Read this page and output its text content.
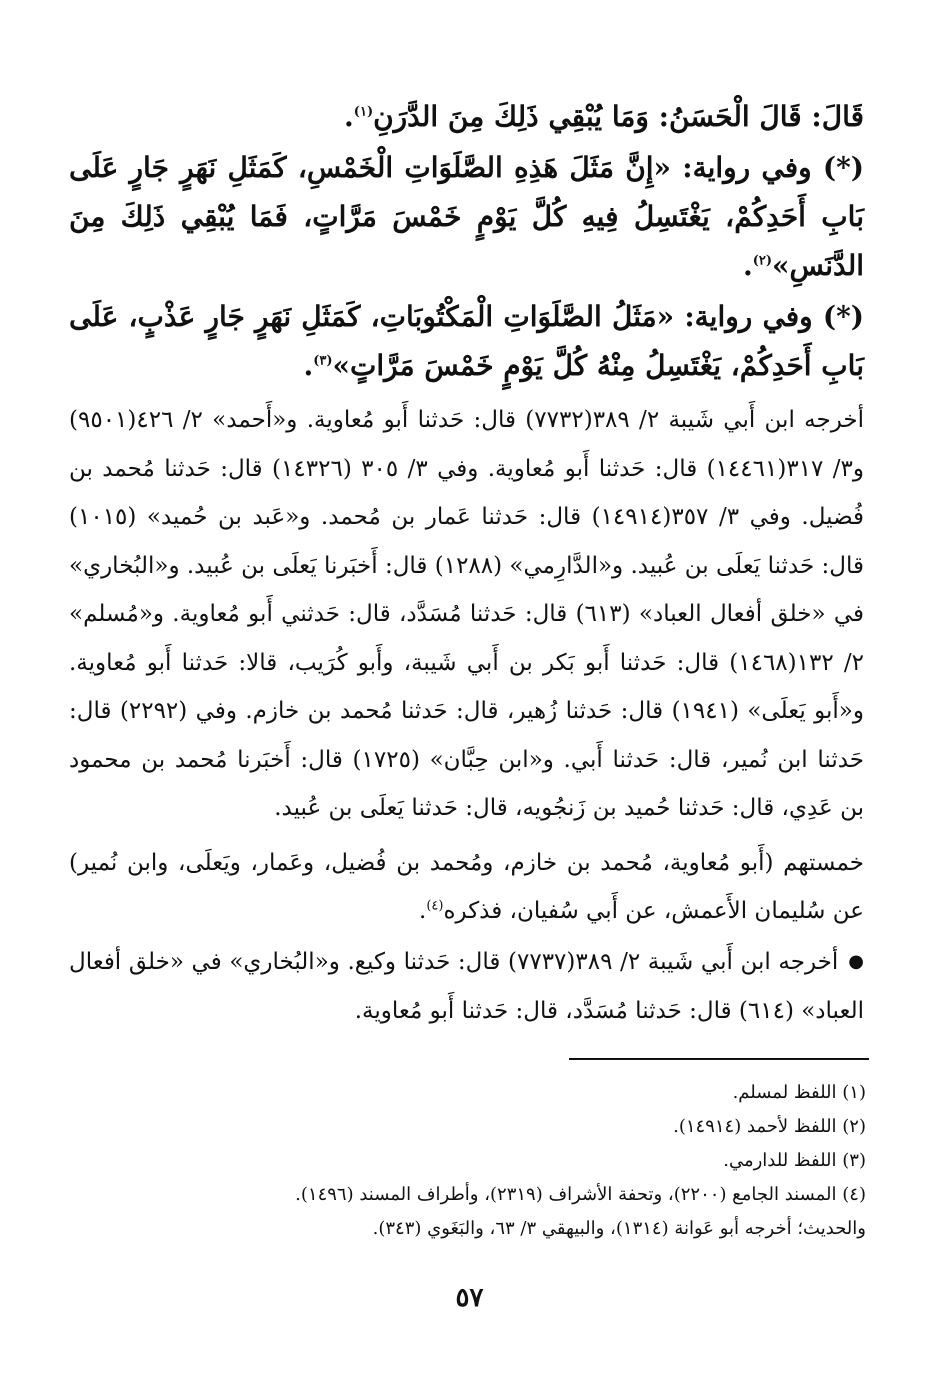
قَالَ: قَالَ الْحَسَنُ: وَمَا يُبْقِي ذَلِكَ مِنَ الدَّرَنِ$^{(١)}$.

(*) وفي رواية: «إِنَّ مَثَلَ هَذِهِ الصَّلَوَاتِ الْخَمْسِ، كَمَثَلِ نَهَرٍ جَارٍ عَلَى بَابِ أَحَدِكُمْ، يَغْتَسِلُ فِيهِ كُلَّ يَوْمٍ خَمْسَ مَرَّاتٍ، فَمَا يُبْقِي ذَلِكَ مِنَ الدَّنَسِ»$^{(٢)}$.

(*) وفي رواية: «مَثَلُ الصَّلَوَاتِ الْمَكْتُوبَاتِ، كَمَثَلِ نَهَرٍ جَارٍ عَذْبٍ، عَلَى بَابِ أَحَدِكُمْ، يَغْتَسِلُ مِنْهُ كُلَّ يَوْمٍ خَمْسَ مَرَّاتٍ»$^{(٣)}$.

أخرجه ابن أَبي شَيبة ٢/ ٣٨٩(٧٧٣٢) قال: حَدثنا أَبو مُعاوية. و«أَحمد» ٢/ ٤٢٦(٩٥٠١) و٣/ ٣١٧(١٤٤٦١) قال: حَدثنا أَبو مُعاوية. وفي ٣/ ٣٠٥ (١٤٣٢٦) قال: حَدثنا مُحمد بن فُضيل. وفي ٣/ ٣٥٧(١٤٩١٤) قال: حَدثنا عَمار بن مُحمد. و«عَبد بن حُميد» (١٠١٥) قال: حَدثنا يَعلَى بن عُبيد. و«الدَّارِمي» (١٢٨٨) قال: أَخبَرنا يَعلَى بن عُبيد. و«البُخاري» في «خلق أفعال العباد» (٦١٣) قال: حَدثنا مُسَدَّد، قال: حَدثني أَبو مُعاوية. و«مُسلم» ٢/ ١٣٢(١٤٦٨) قال: حَدثنا أَبو بَكر بن أَبي شَيبة، وأَبو كُرَيب، قالا: حَدثنا أَبو مُعاوية. و«أَبو يَعلَى» (١٩٤١) قال: حَدثنا زُهير، قال: حَدثنا مُحمد بن خازم. وفي (٢٢٩٢) قال: حَدثنا ابن نُمير، قال: حَدثنا أَبي. و«ابن حِبَّان» (١٧٢٥) قال: أَخبَرنا مُحمد بن محمود بن عَدِي، قال: حَدثنا حُميد بن زَنجُويه، قال: حَدثنا يَعلَى بن عُبيد.

خمستهم (أَبو مُعاوية، مُحمد بن خازم، ومُحمد بن فُضيل، وعَمار، ويَعلَى، وابن نُمير) عن سُليمان الأَعمش، عن أَبي سُفيان، فذكره$^{(٤)}$.

●أخرجه ابن أَبي شَيبة ٢/ ٣٨٩(٧٧٣٧) قال: حَدثنا وكيع. و«البُخاري» في «خلق أفعال العباد» (٦١٤) قال: حَدثنا مُسَدَّد، قال: حَدثنا أَبو مُعاوية.

(١) اللفظ لمسلم.

(٢) اللفظ لأحمد (١٤٩١٤).

(٣) اللفظ للدارمي.

(٤) المسند الجامع (٢٢٠٠)، وتحفة الأشراف (٢٣١٩)، وأطراف المسند (١٤٩٦).

والحديث؛ أخرجه أبو عَوانة (١٣١٤)، والبيهقي ٣/ ٦٣، والبَغَوي (٣٤٣).

٥٧
